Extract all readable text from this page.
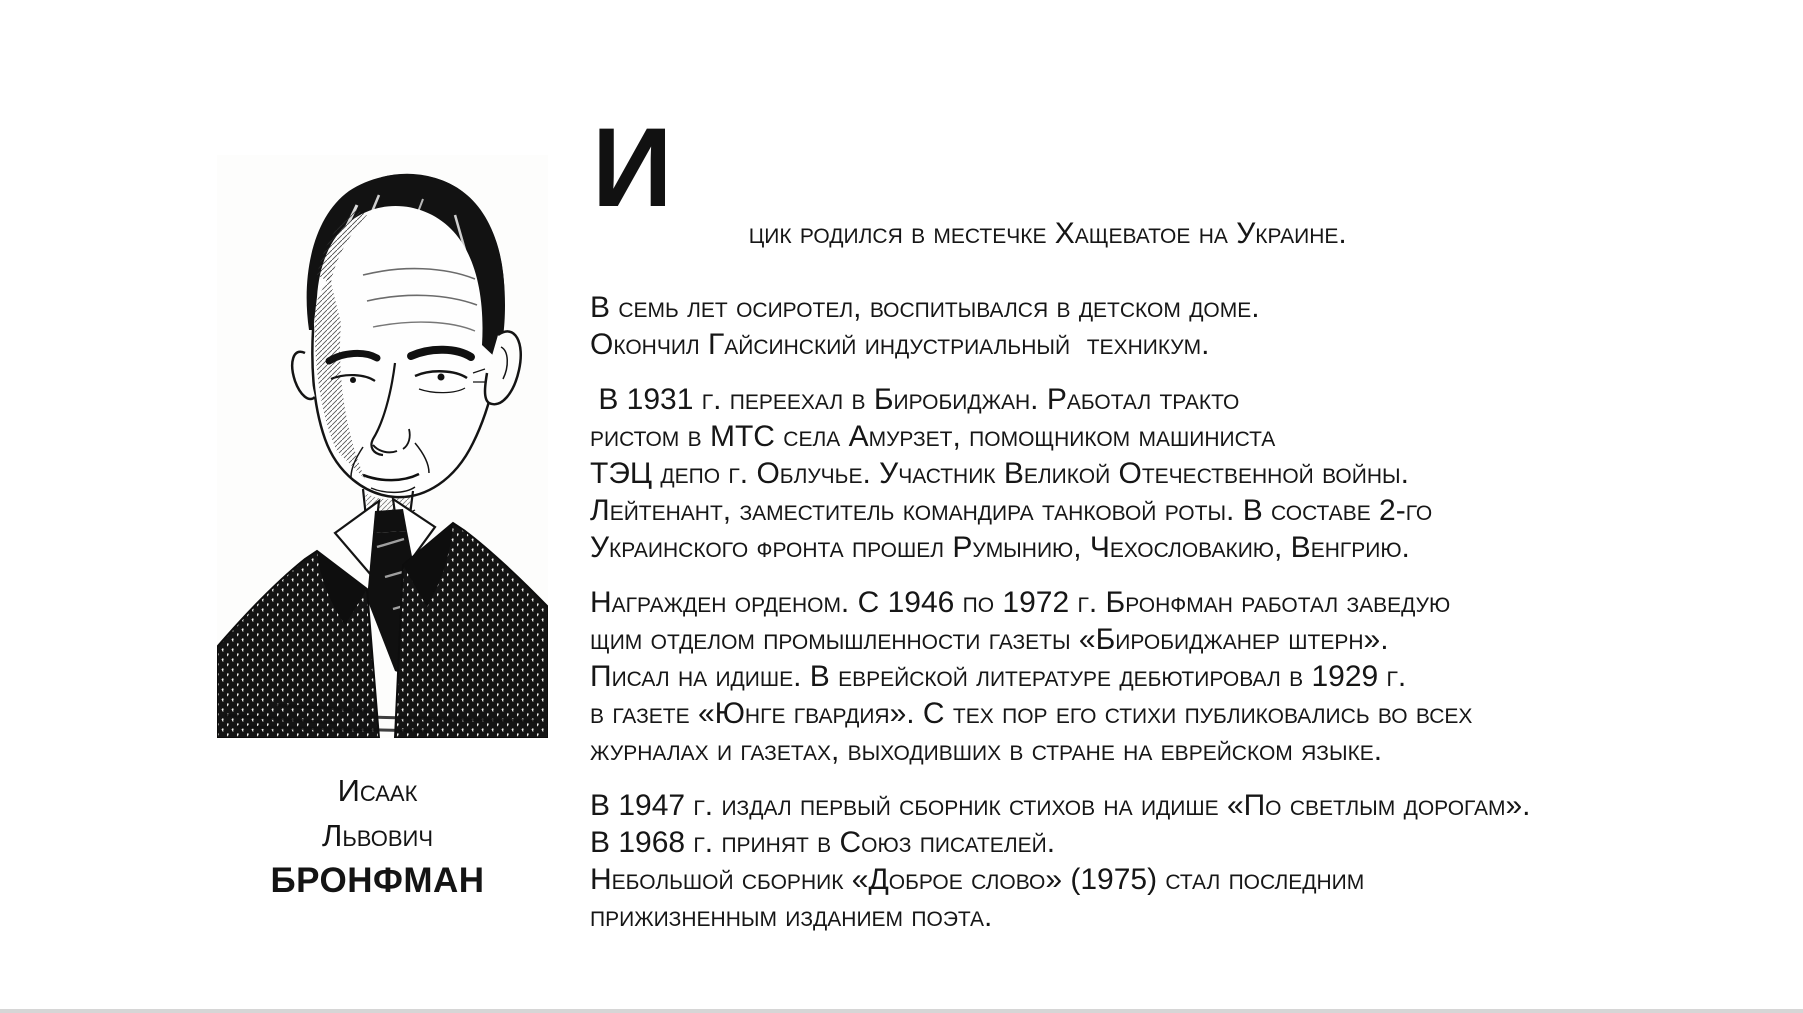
Исаак
Львович
БРОНФМАН

И
цик родился в местечке Хащеватое на Украине.

В семь лет осиротел, воспитывался в детском доме.
Окончил Гайсинский индустриальный  техникум.
В 1931 г. переехал в Биробиджан. Работал тракто
ристом в МТС села Амурзет, помощником машиниста
ТЭЦ депо г. Облучье. Участник Великой Отечественной войны.
Лейтенант, заместитель командира танковой роты. В составе 2-го
Украинского фронта прошел Румынию, Чехословакию, Венгрию.
Награжден орденом. С 1946 по 1972 г. Бронфман работал заведую
щим отделом промышленности газеты «Биробиджанер штерн».
Писал на идише. В еврейской литературе дебютировал в 1929 г.
в газете «Юнге гвардия». С тех пор его стихи публиковались во всех
журналах и газетах, выходивших в стране на еврейском языке.
В 1947 г. издал первый сборник стихов на идише «По светлым дорогам».
В 1968 г. принят в Союз писателей.
Небольшой сборник «Доброе слово» (1975) стал последним
прижизненным изданием поэта.
